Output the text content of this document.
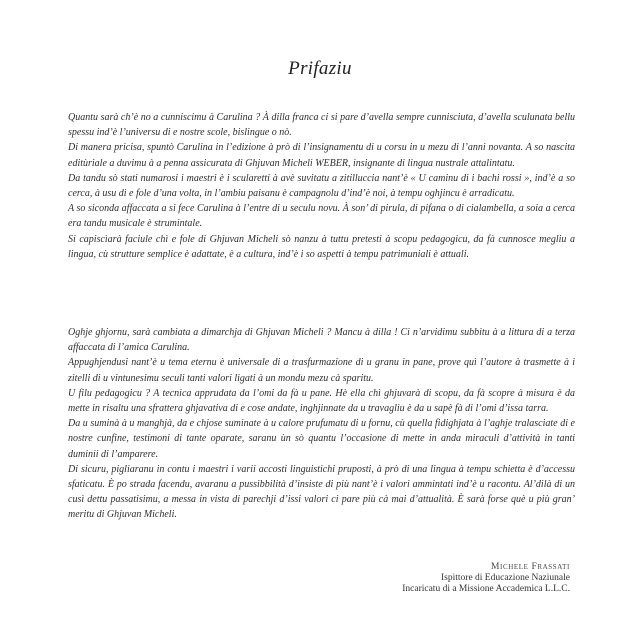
Prifaziu

Quantu sarà ch’è no a cunniscimu à Carulina ? À dilla franca ci si pare d’avella sempre cunnisciuta, d’avella sculunata bellu spessu ind’è l’universu di e nostre scole, bislingue o nò.

Di manera pricisa, spuntò Carulina in l’edizione à prò di l’insignamentu di u corsu in u mezu di l’anni novanta. A so nascita editùriale a duvimu à a penna assicurata di Ghjuvan Micheli WEBER, insignante di lingua nustrale attalintatu.

Da tandu sò stati numarosi i maestri è i scularetti à avè suvitatu a zitilluccia nant’è « U caminu di i bachi rossi », ind’è a so cerca, à usu di e fole d’una volta, in l’ambiu paisanu è campagnolu d’ind’è noi, à tempu oghjincu è arradicatu.

A so siconda affaccata a si fece Carulina à l’entre di u seculu novu. À son’ di pirula, di pifana o di cialambella, a soia a cerca era tandu musicale è strumintale.

Si capiscìarà faciule chì e fole di Ghjuvan Micheli sò nanzu à tuttu pretesti à scopu pedagogicu, da fà cunnosce megliu a lingua, cù strutture semplice è adattate, è a cultura, ind’è i so aspetti à tempu patrimuniali è attuali.

Oghje ghjornu, sarà cambiata a dimarchja di Ghjuvan Micheli ? Mancu à dilla ! Ci n’arvidimu subbitu à a littura di a terza affaccata di l’amica Carulina.

Appughjendusi nant’è u tema eternu è universale di a trasfurmazione di u granu in pane, prove quì l’autore à trasmette à i zitelli di u vintunesimu seculi tanti valori ligati à un mondu mezu cà sparitu.

U filu pedagogicu ? A tecnica apprudata da l’omi da fà u pane. Hè ella chì ghjuvarà di scopu, da fà scopre à misura è da mette in risaltu una sfrattera ghjavativa di e cose andate, inghjinnate da u travagliu è da u sapè fà di l’omi d’issa tarra.

Da u suminà à u manghjà, da e chjose suminate à u calore prufumatu di u fornu, cù quella fidighjata à l’aghje tralasciate di e nostre cunfine, testimoni di tante oparate, saranu ùn sò quantu l’occasione di mette in anda miraculi d’attività in tanti duminii di l’amparere.

Di sicuru, pigliaranu in contu i maestri i varii accosti linguistichi pruposti, à prò di una lingua à tempu schietta è d’accessu sfaticatu. È po strada facendu, avaranu a pussibbilità d’insiste di più nant’è i valori ammintati ind’è u racontu. Al’dilà di un cusì dettu passatisimu, a messa in vista di parechji d’issi valori ci pare più cà mai d’attualità. È sarà forse què u più gran’ meritu di Ghjuvan Micheli.

Michele Frassati
Ispittore di Educazione Naziunale
Incaricatu di a Missione Accademica L.L.C.
